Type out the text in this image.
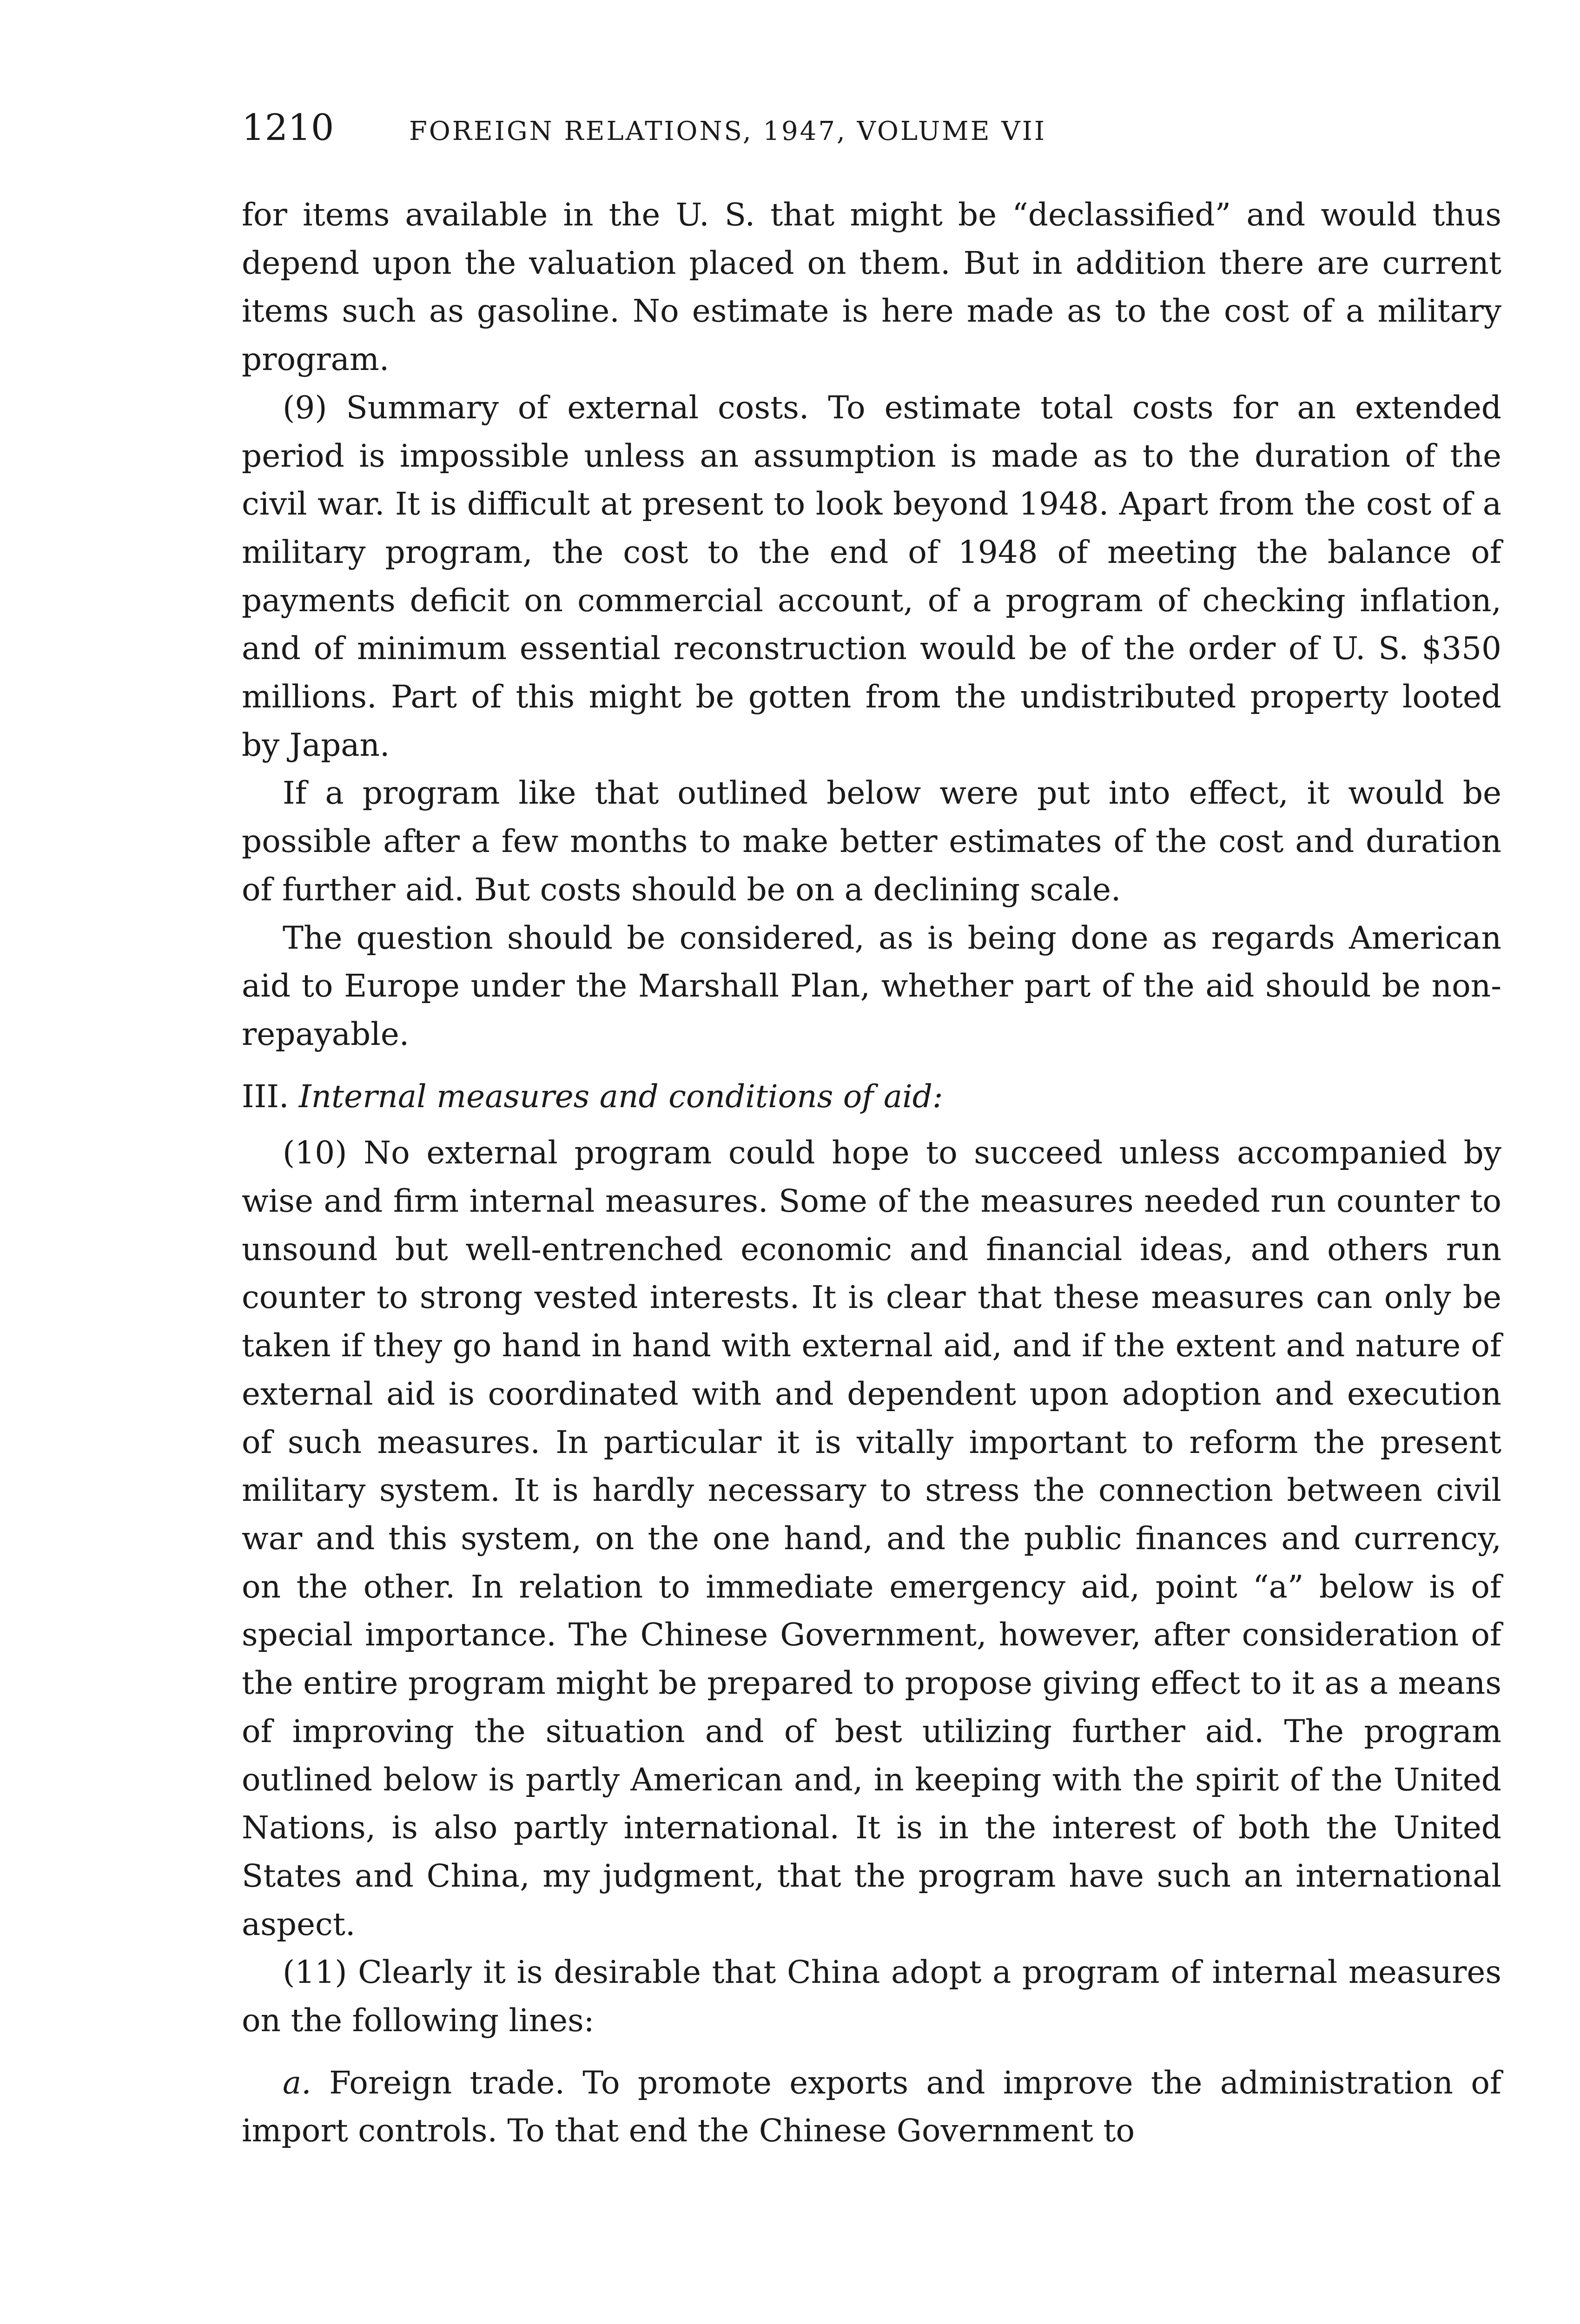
1210	FOREIGN RELATIONS, 1947, VOLUME VII

for items available in the U. S. that might be “declassified” and would thus depend upon the valuation placed on them. But in addition there are current items such as gasoline. No estimate is here made as to the cost of a military program.

(9) Summary of external costs. To estimate total costs for an extended period is impossible unless an assumption is made as to the duration of the civil war. It is difficult at present to look beyond 1948. Apart from the cost of a military program, the cost to the end of 1948 of meeting the balance of payments deficit on commercial account, of a program of checking inflation, and of minimum essential reconstruction would be of the order of U. S. $350 millions. Part of this might be gotten from the undistributed property looted by Japan.

If a program like that outlined below were put into effect, it would be possible after a few months to make better estimates of the cost and duration of further aid. But costs should be on a declining scale.

The question should be considered, as is being done as regards American aid to Europe under the Marshall Plan, whether part of the aid should be non-repayable.

III. Internal measures and conditions of aid:

(10) No external program could hope to succeed unless accompanied by wise and firm internal measures. Some of the measures needed run counter to unsound but well-entrenched economic and financial ideas, and others run counter to strong vested interests. It is clear that these measures can only be taken if they go hand in hand with external aid, and if the extent and nature of external aid is coordinated with and dependent upon adoption and execution of such measures. In particular it is vitally important to reform the present military system. It is hardly necessary to stress the connection between civil war and this system, on the one hand, and the public finances and currency, on the other. In relation to immediate emergency aid, point “a” below is of special importance. The Chinese Government, however, after consideration of the entire program might be prepared to propose giving effect to it as a means of improving the situation and of best utilizing further aid. The program outlined below is partly American and, in keeping with the spirit of the United Nations, is also partly international. It is in the interest of both the United States and China, my judgment, that the program have such an international aspect.

(11) Clearly it is desirable that China adopt a program of internal measures on the following lines:

a. Foreign trade. To promote exports and improve the administration of import controls. To that end the Chinese Government to
